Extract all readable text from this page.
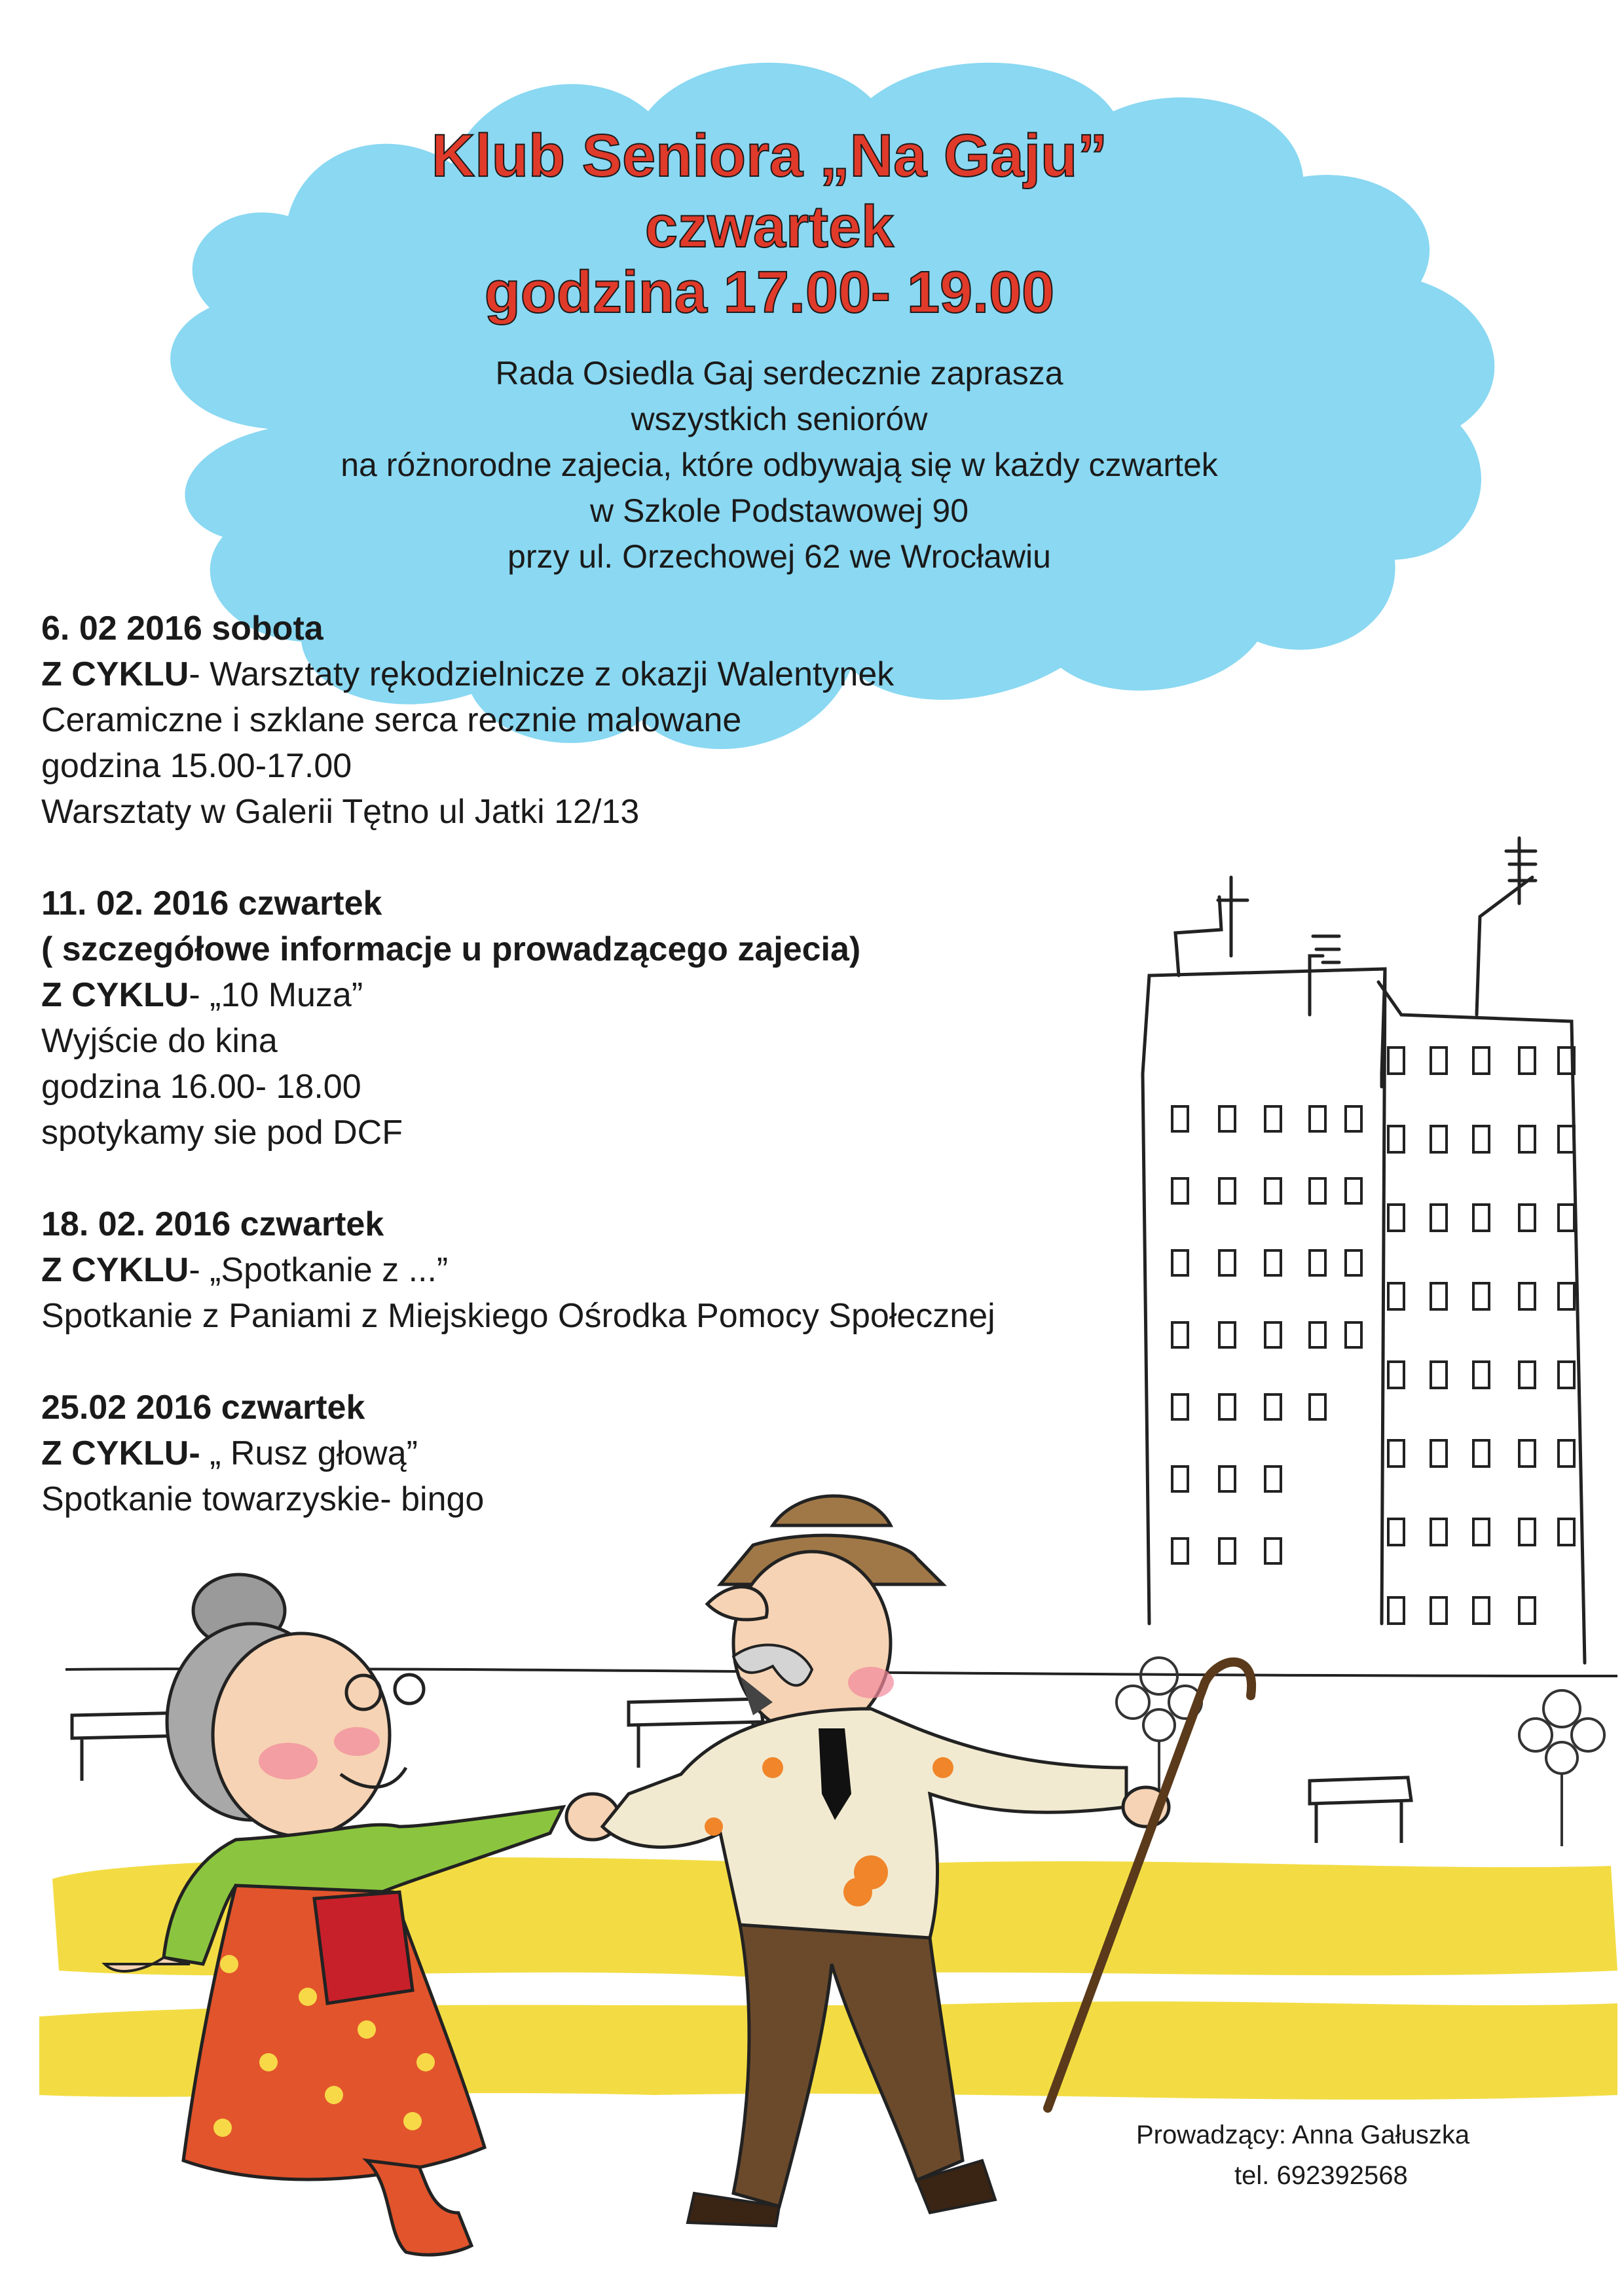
Klub Seniora „Na Gaju”
czwartek
godzina 17.00- 19.00
Rada Osiedla Gaj serdecznie zaprasza
wszystkich seniorów
na różnorodne zajecia, które odbywają się w każdy czwartek
w Szkole Podstawowej 90
przy ul. Orzechowej 62 we Wrocławiu
6. 02 2016 sobota
Z CYKLU- Warsztaty rękodzielnicze z okazji Walentynek
Ceramiczne i szklane serca recznie malowane
godzina 15.00-17.00
Warsztaty w Galerii Tętno ul Jatki 12/13
11. 02. 2016 czwartek
( szczegółowe informacje u prowadzącego zajecia)
Z CYKLU- „10 Muza”
Wyjście do kina
godzina 16.00- 18.00
spotykamy sie pod DCF
18. 02. 2016 czwartek
Z CYKLU- „Spotkanie z ...”
Spotkanie z Paniami z Miejskiego Ośrodka Pomocy Społecznej
25.02 2016 czwartek
Z CYKLU- „ Rusz głową”
Spotkanie towarzyskie- bingo
Prowadzący: Anna Gałuszka
tel. 692392568
